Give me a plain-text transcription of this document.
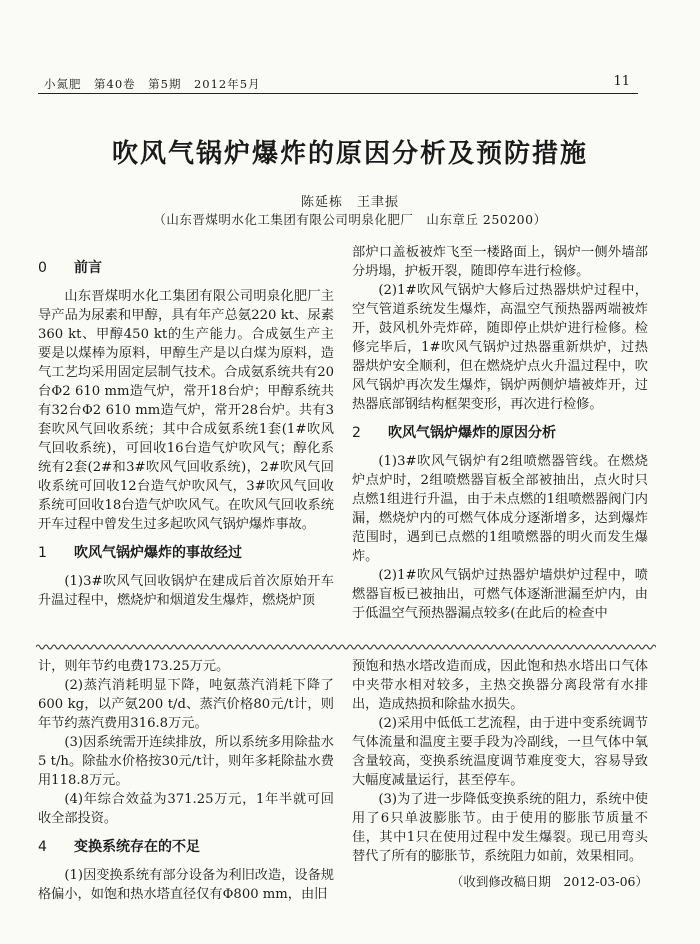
小氮肥　第40卷　第5期　2012年5月	11
吹风气锅炉爆炸的原因分析及预防措施
陈延栋　王聿振
（山东晋煤明水化工集团有限公司明泉化肥厂　山东章丘 250200）
0 前言

山东晋煤明水化工集团有限公司明泉化肥厂主导产品为尿素和甲醇，具有年产总氨220 kt、尿素360 kt、甲醇450 kt的生产能力。合成氨生产主要是以煤棒为原料，甲醇生产是以白煤为原料，造气工艺均采用固定层制气技术。合成氨系统共有20台Φ2 610 mm造气炉，常开18台炉；甲醇系统共有32台Φ2 610 mm造气炉，常开28台炉。共有3套吹风气回收系统；其中合成氨系统1套(1#吹风气回收系统)，可回收16台造气炉吹风气；醇化系统有2套(2#和3#吹风气回收系统)，2#吹风气回收系统可回收12台造气炉吹风气，3#吹风气回收系统可回收18台造气炉吹风气。在吹风气回收系统开车过程中曾发生过多起吹风气锅炉爆炸事故。

1 吹风气锅炉爆炸的事故经过

(1)3#吹风气回收锅炉在建成后首次原始开车升温过程中，燃烧炉和烟道发生爆炸，燃烧炉顶

部炉口盖板被炸飞至一楼路面上，锅炉一侧外墙部分坍塌，护板开裂，随即停车进行检修。

(2)1#吹风气锅炉大修后过热器烘炉过程中，空气管道系统发生爆炸，高温空气预热器两端被炸开，鼓风机外壳炸碎，随即停止烘炉进行检修。检修完毕后，1#吹风气锅炉过热器重新烘炉，过热器烘炉安全顺利，但在燃烧炉点火升温过程中，吹风气锅炉再次发生爆炸，锅炉两侧炉墙被炸开，过热器底部钢结构框架变形，再次进行检修。

2 吹风气锅炉爆炸的原因分析

(1)3#吹风气锅炉有2组喷燃器管线。在燃烧炉点炉时，2组喷燃器盲板全部被抽出，点火时只点燃1组进行升温，由于未点燃的1组喷燃器阀门内漏，燃烧炉内的可燃气体成分逐渐增多，达到爆炸范围时，遇到已点燃的1组喷燃器的明火而发生爆炸。

(2)1#吹风气锅炉过热器炉墙烘炉过程中，喷燃器盲板已被抽出，可燃气体逐渐泄漏至炉内，由于低温空气预热器漏点较多(在此后的检查中

计，则年节约电费173.25万元。

(2)蒸汽消耗明显下降，吨氨蒸汽消耗下降了600 kg，以产氨200 t/d、蒸汽价格80元/t计，则年节约蒸汽费用316.8万元。

(3)因系统需开连续排放，所以系统多用除盐水5 t/h。除盐水价格按30元/t计，则年多耗除盐水费用118.8万元。

(4)年综合效益为371.25万元，1年半就可回收全部投资。

4 变换系统存在的不足

(1)因变换系统有部分设备为利旧改造，设备规格偏小，如饱和热水塔直径仅有Φ800 mm，由旧

预饱和热水塔改造而成，因此饱和热水塔出口气体中夹带水相对较多，主热交换器分离段常有水排出，造成热损和除盐水损失。

(2)采用中低低工艺流程，由于进中变系统调节气体流量和温度主要手段为冷副线，一旦气体中氧含量较高，变换系统温度调节难度变大，容易导致大幅度减量运行，甚至停车。

(3)为了进一步降低变换系统的阻力，系统中使用了6只单波膨胀节。由于使用的膨胀节质量不佳，其中1只在使用过程中发生爆裂。现已用弯头替代了所有的膨胀节，系统阻力如前，效果相同。

（收到修改稿日期　2012-03-06）
